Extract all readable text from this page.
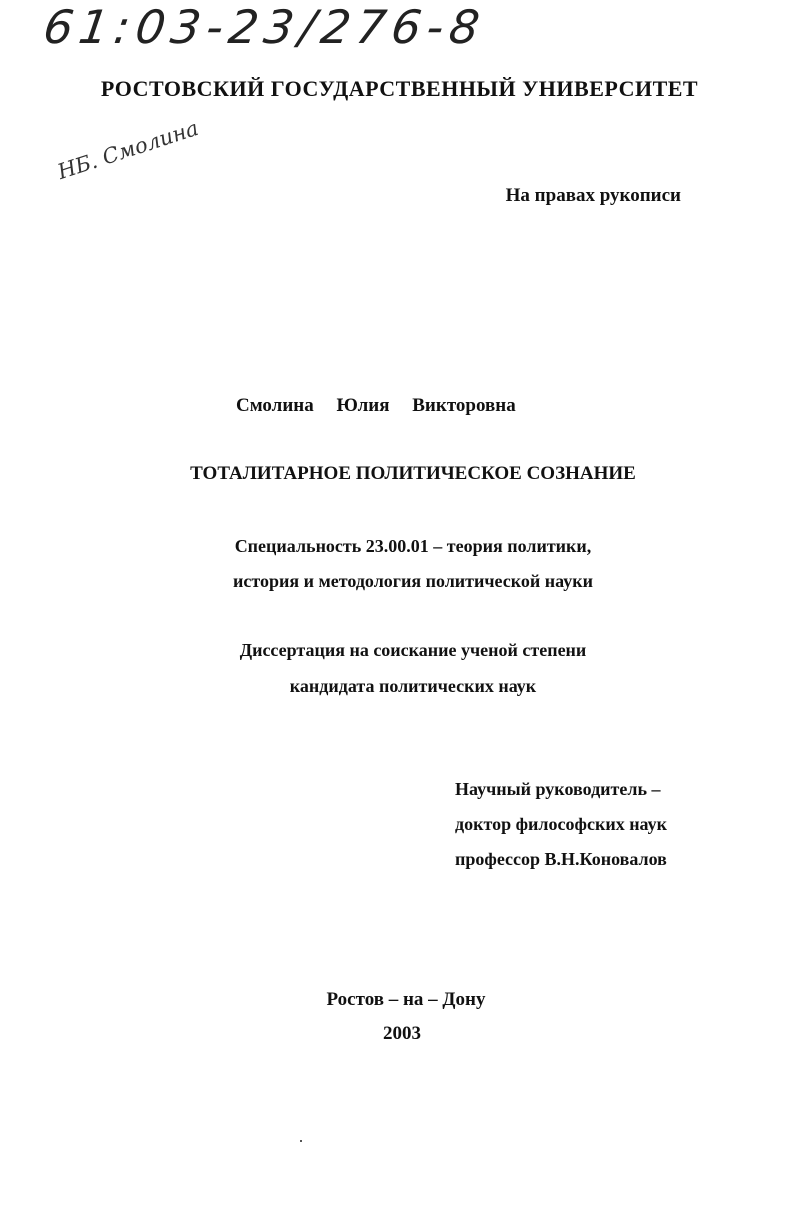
61:03-23/276-8
РОСТОВСКИЙ ГОСУДАРСТВЕННЫЙ УНИВЕРСИТЕТ
НБ. Смолина
На правах рукописи
Смолина Юлия Викторовна
ТОТАЛИТАРНОЕ ПОЛИТИЧЕСКОЕ СОЗНАНИЕ
Специальность 23.00.01 – теория политики,
история и методология политической науки
Диссертация на соискание ученой степени
кандидата политических наук
Научный руководитель –
доктор философских наук
профессор В.Н.Коновалов
Ростов – на – Дону
2003
